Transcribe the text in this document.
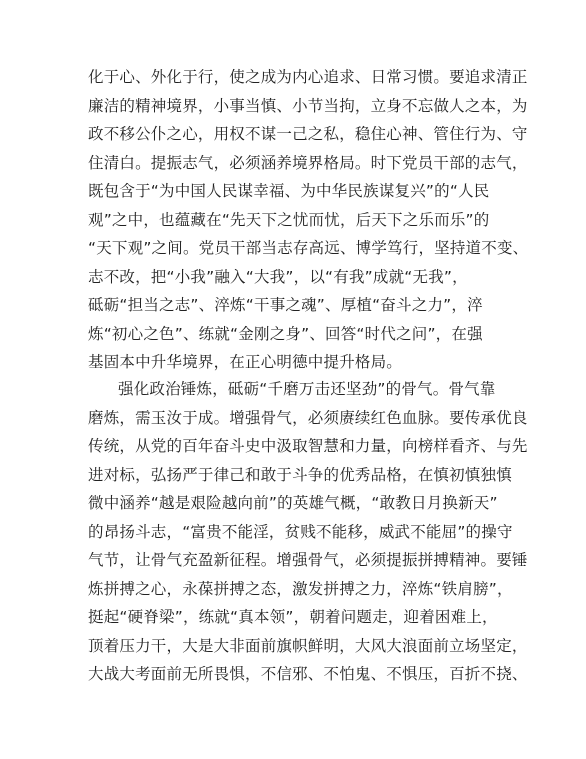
化于心、外化于行，使之成为内心追求、日常习惯。要追求清正
廉洁的精神境界，小事当慎、小节当拘，立身不忘做人之本，为
政不移公仆之心，用权不谋一己之私，稳住心神、管住行为、守
住清白。提振志气，必须涵养境界格局。时下党员干部的志气，
既包含于“为中国人民谋幸福、为中华民族谋复兴”的“人民
观”之中，也蕴藏在“先天下之忧而忧，后天下之乐而乐”的
“天下观”之间。党员干部当志存高远、博学笃行，坚持道不变、
志不改，把“小我”融入“大我”，以“有我”成就“无我”，
砥砺“担当之志”、淬炼“干事之魂”、厚植“奋斗之力”，淬
炼“初心之色”、练就“金刚之身”、回答“时代之问”，在强
基固本中升华境界，在正心明德中提升格局。
强化政治锤炼，砥砺“千磨万击还坚劲”的骨气。骨气靠
磨炼，需玉汝于成。增强骨气，必须赓续红色血脉。要传承优良
传统，从党的百年奋斗史中汲取智慧和力量，向榜样看齐、与先
进对标，弘扬严于律己和敢于斗争的优秀品格，在慎初慎独慎
微中涵养“越是艰险越向前”的英雄气概，“敢教日月换新天”
的昂扬斗志，“富贵不能淫，贫贱不能移，威武不能屈”的操守
气节，让骨气充盈新征程。增强骨气，必须提振拼搏精神。要锤
炼拼搏之心，永葆拼搏之态，激发拼搏之力，淬炼“铁肩膀”，
挺起“硬脊梁”，练就“真本领”，朝着问题走，迎着困难上，
顶着压力干，大是大非面前旗帜鲜明，大风大浪面前立场坚定，
大战大考面前无所畏惧，不信邪、不怕鬼、不惧压，百折不挠、
